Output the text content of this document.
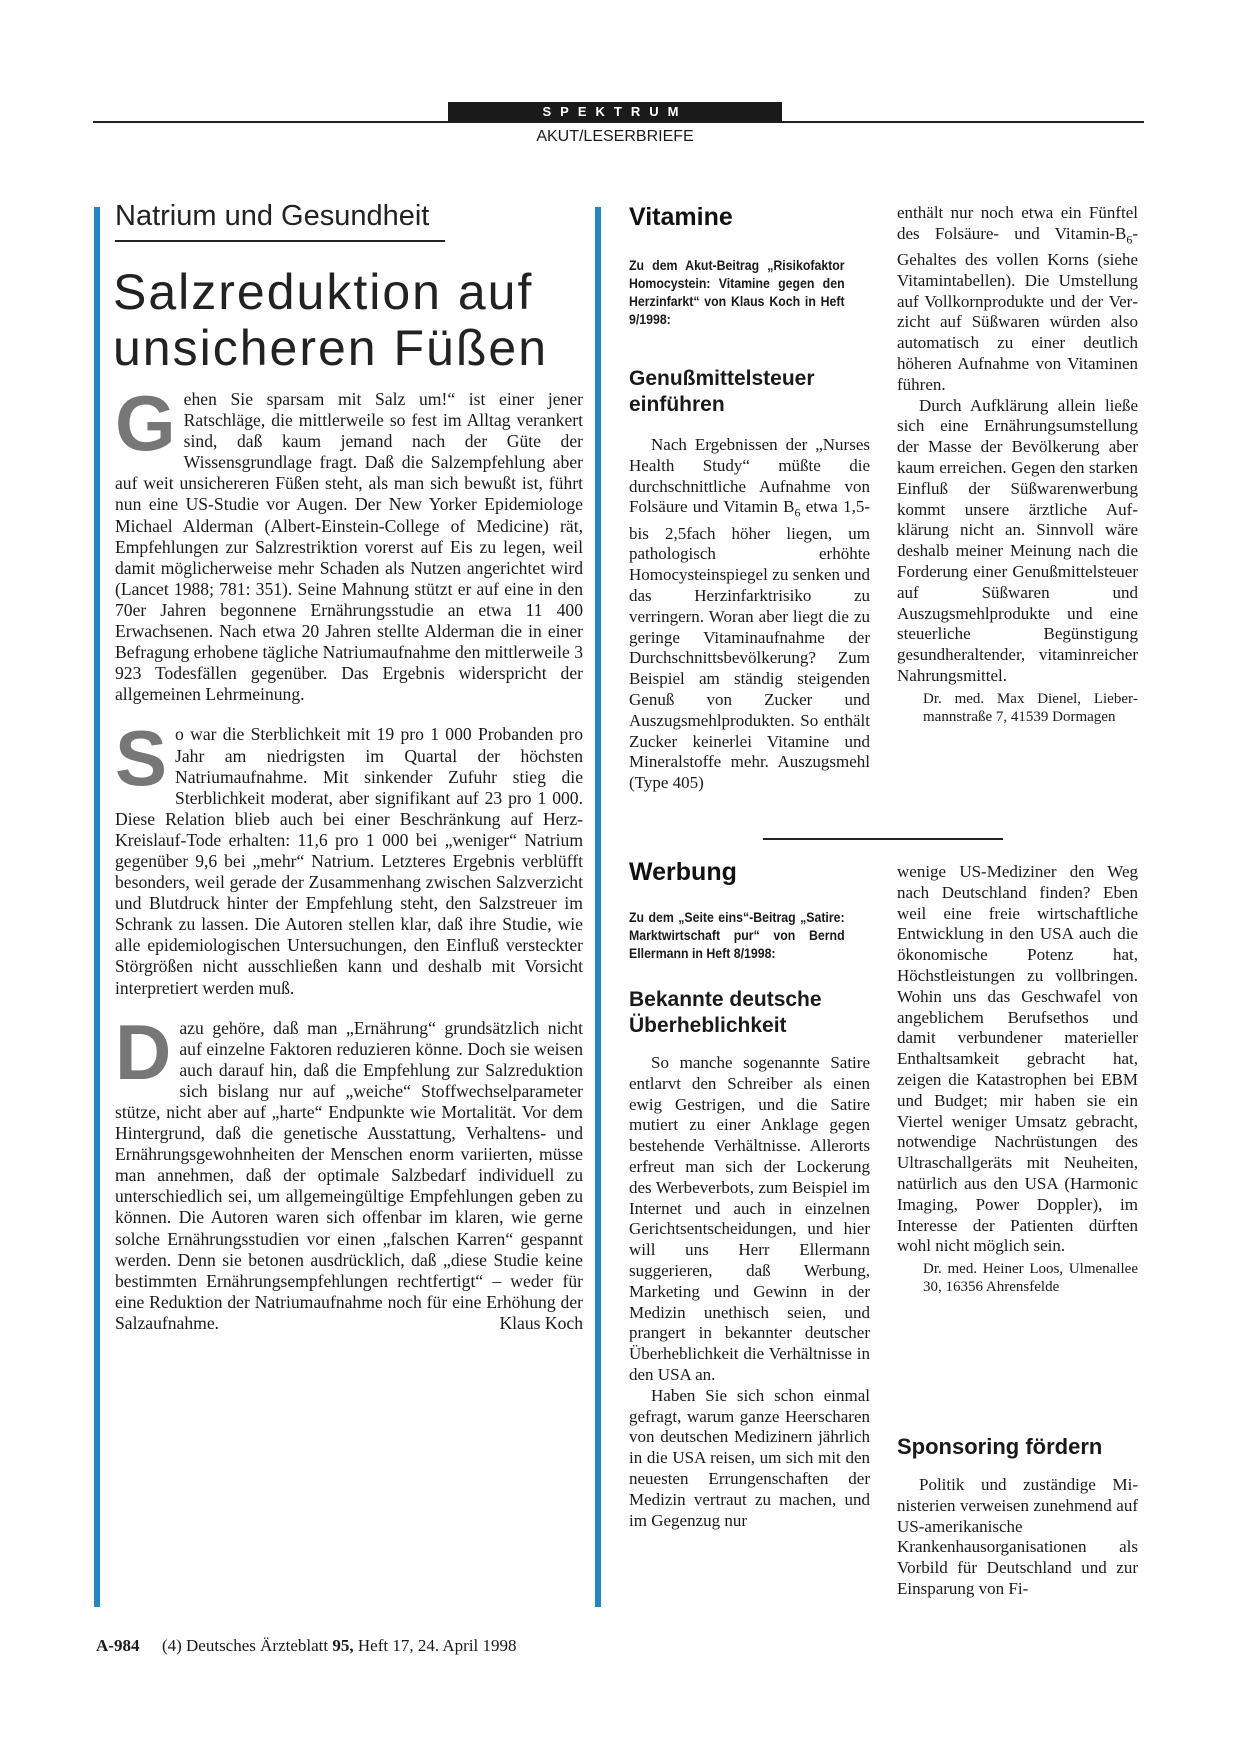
SPEKTRUM
AKUT/LESERBRIEFE
Natrium und Gesundheit
Salzreduktion auf
unsicheren Füßen

Gehen Sie sparsam mit Salz um!“ ist einer jener Ratschläge, die mittlerweile so fest im Alltag verankert sind, daß kaum jemand nach der Güte der Wissensgrundlage fragt. Daß die Salzempfehlung aber auf weit unsichereren Füßen steht, als man sich bewußt ist, führt nun eine US-Studie vor Augen. Der New Yorker Epidemiologe Michael Alderman (Albert-Einstein-College of Medicine) rät, Empfehlungen zur Salzrestriktion vorerst auf Eis zu legen, weil damit möglicherweise mehr Schaden als Nutzen angerichtet wird (Lancet 1988; 781: 351). Seine Mahnung stützt er auf eine in den 70er Jahren begonnene Ernährungsstudie an etwa 11 400 Erwachsenen. Nach etwa 20 Jahren stellte Alderman die in einer Befragung erhobene tägliche Natriumaufnahme den mittlerweile 3 923 Todesfällen gegenüber. Das Ergebnis widerspricht der allgemeinen Lehrmeinung.

So war die Sterblichkeit mit 19 pro 1 000 Probanden pro Jahr am niedrigsten im Quartal der höchsten Natriumaufnahme. Mit sinkender Zufuhr stieg die Sterblichkeit moderat, aber signifikant auf 23 pro 1 000. Diese Relation blieb auch bei einer Beschränkung auf Herz-Kreislauf-Tode erhalten: 11,6 pro 1 000 bei „weniger“ Natrium gegenüber 9,6 bei „mehr“ Natrium. Letzteres Ergebnis verblüfft besonders, weil gerade der Zusammenhang zwischen Salzverzicht und Blutdruck hinter der Empfehlung steht, den Salzstreuer im Schrank zu lassen. Die Autoren stellen klar, daß ihre Studie, wie alle epidemiologischen Untersuchungen, den Einfluß versteckter Störgrößen nicht ausschließen kann und deshalb mit Vorsicht interpretiert werden muß.

Dazu gehöre, daß man „Ernährung“ grundsätzlich nicht auf einzelne Faktoren reduzieren könne. Doch sie weisen auch darauf hin, daß die Empfehlung zur Salzreduktion sich bislang nur auf „weiche“ Stoffwechselparameter stütze, nicht aber auf „harte“ Endpunkte wie Mortalität. Vor dem Hintergrund, daß die genetische Ausstattung, Verhaltens- und Ernährungsgewohnheiten der Menschen enorm variierten, müsse man annehmen, daß der optimale Salzbedarf individuell zu unterschiedlich sei, um allgemeingültige Empfehlungen geben zu können. Die Autoren waren sich offenbar im klaren, wie gerne solche Ernährungsstudien vor einen „falschen Karren“ gespannt werden. Denn sie betonen ausdrücklich, daß „diese Studie keine bestimmten Ernährungsempfehlungen rechtfertigt“ – weder für eine Reduktion der Natriumaufnahme noch für eine Erhöhung der Salzaufnahme.	Klaus Koch

Vitamine
Zu dem Akut-Beitrag „Risikofaktor Homocystein: Vitamine gegen den Herzinfarkt“ von Klaus Koch in Heft 9/1998:
Genußmittelsteuer
einführen

Nach Ergebnissen der „Nurses Health Study“ müßte die durchschnittliche Aufnahme von Folsäure und Vitamin $B_6$ etwa 1,5- bis 2,5fach höher liegen, um pathologisch erhöhte Homocysteinspiegel zu senken und das Herzinfarktrisiko zu verringern. Woran aber liegt die zu geringe Vitaminaufnahme der Durchschnittsbevölkerung? Zum Beispiel am ständig steigenden Genuß von Zucker und Auszugsmehlprodukten. So enthält Zucker keinerlei Vitamine und Mineralstoffe mehr. Auszugsmehl (Type 405)

enthält nur noch etwa ein Fünftel des Folsäure- und Vitamin-$B_6$-Gehaltes des vollen Korns (siehe Vitamintabellen). Die Umstellung auf Vollkornprodukte und der Verzicht auf Süßwaren würden also automatisch zu einer deutlich höheren Aufnahme von Vitaminen führen.

Durch Aufklärung allein ließe sich eine Ernährungsumstellung der Masse der Bevölkerung aber kaum erreichen. Gegen den starken Einfluß der Süßwarenwerbung kommt unsere ärztliche Aufklärung nicht an. Sinnvoll wäre deshalb meiner Meinung nach die Forderung einer Genußmittelsteuer auf Süßwaren und Auszugsmehlprodukte und eine steuerliche Begünstigung gesundheraltender, vitaminreicher Nahrungsmittel.

Dr. med. Max Dienel, Liebermannstraße 7, 41539 Dormagen
Werbung
Zu dem „Seite eins“-Beitrag „Satire: Marktwirtschaft pur“ von Bernd Ellermann in Heft 8/1998:
Bekannte deutsche
Überheblichkeit

So manche sogenannte Satire entlarvt den Schreiber als einen ewig Gestrigen, und die Satire mutiert zu einer Anklage gegen bestehende Verhältnisse. Allerorts erfreut man sich der Lockerung des Werbeverbots, zum Beispiel im Internet und auch in einzelnen Gerichtsentscheidungen, und hier will uns Herr Ellermann suggerieren, daß Werbung, Marketing und Gewinn in der Medizin unethisch seien, und prangert in bekannter deutscher Überheblichkeit die Verhältnisse in den USA an.

Haben Sie sich schon einmal gefragt, warum ganze Heerscharen von deutschen Medizinern jährlich in die USA reisen, um sich mit den neuesten Errungenschaften der Medizin vertraut zu machen, und im Gegenzug nur

wenige US-Mediziner den Weg nach Deutschland finden? Eben weil eine freie wirtschaftliche Entwicklung in den USA auch die ökonomische Potenz hat, Höchstleistungen zu vollbringen. Wohin uns das Geschwafel von angeblichem Berufsethos und damit verbundener materieller Enthaltsamkeit gebracht hat, zeigen die Katastrophen bei EBM und Budget; mir haben sie ein Viertel weniger Umsatz gebracht, notwendige Nachrüstungen des Ultraschallgeräts mit Neuheiten, natürlich aus den USA (Harmonic Imaging, Power Doppler), im Interesse der Patienten dürften wohl nicht möglich sein.

Dr. med. Heiner Loos, Ulmenallee 30, 16356 Ahrensfelde
Sponsoring fördern

Politik und zuständige Ministerien verweisen zunehmend auf US-amerikanische Krankenhausorganisationen als Vorbild für Deutschland und zur Einsparung von Fi-

A-984 (4) Deutsches Ärzteblatt 95, Heft 17, 24. April 1998
